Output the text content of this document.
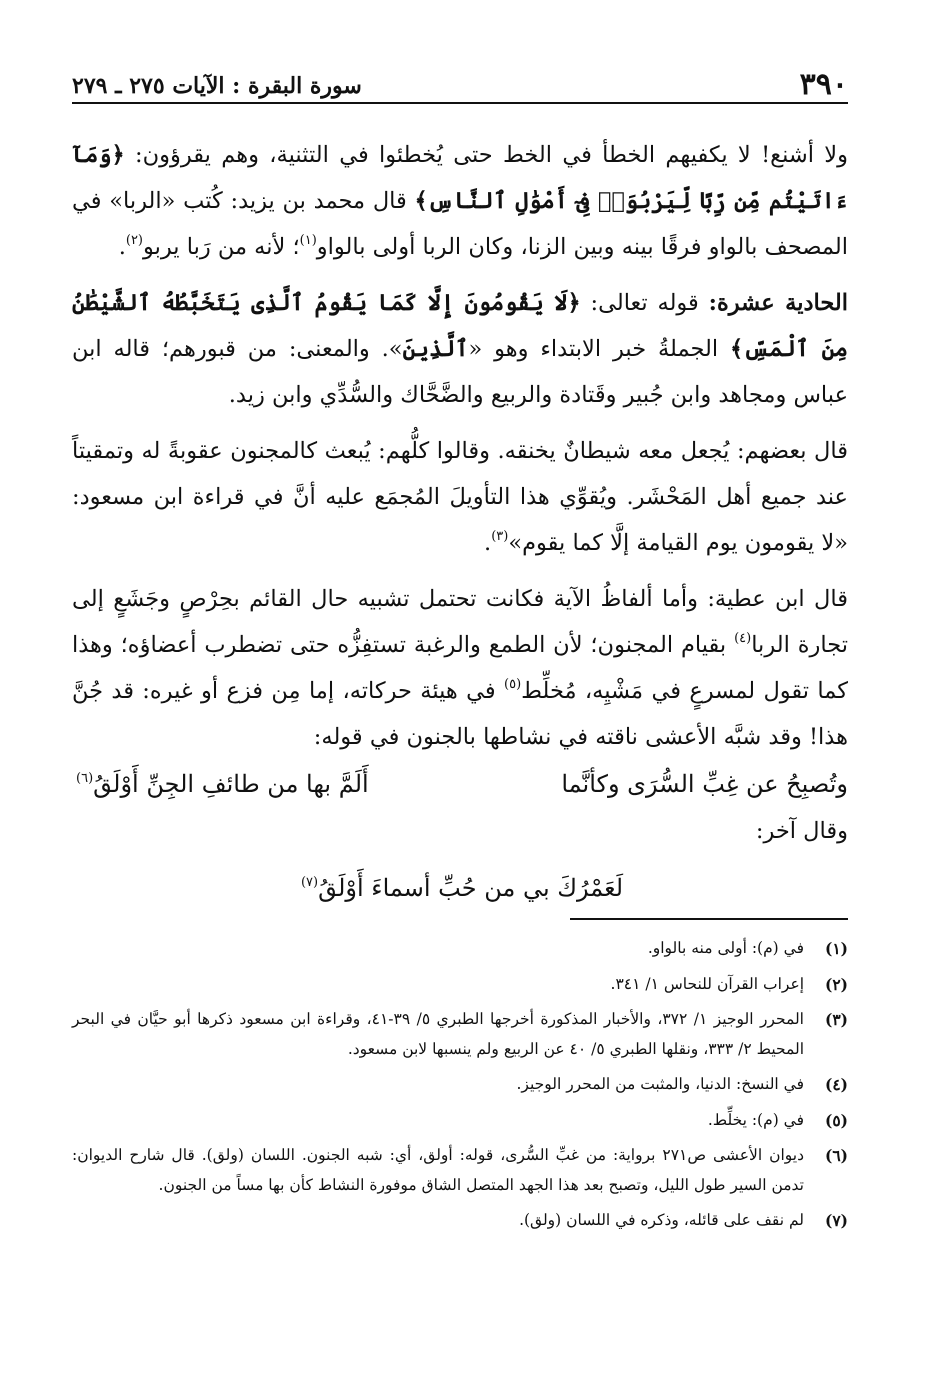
٣٩٠
سورة البقرة : الآيات ٢٧٥ ـ ٢٧٩

ولا أشنع! لا يكفيهم الخطأ في الخط حتى يُخطئوا في التثنية، وهم يقرؤون: ﴿وَمَآ ءَاتَيْتُم مِّن رِّبًا لِّيَرْبُوَا۟ فِىٓ أَمْوَٰلِ ٱلنَّاسِ﴾ قال محمد بن يزيد: كُتب «الربا» في المصحف بالواو فرقًا بينه وبين الزنا، وكان الربا أولى بالواو$^{(١)}$؛ لأنه من رَبا يربو$^{(٢)}$.

الحادية عشرة: قوله تعالى: ﴿لَا يَقُومُونَ إِلَّا كَمَا يَقُومُ ٱلَّذِى يَتَخَبَّطُهُ ٱلشَّيْطَٰنُ مِنَ ٱلْمَسِّ﴾ الجملةُ خبر الابتداء وهو «ٱلَّذِينَ». والمعنى: من قبورهم؛ قاله ابن عباس ومجاهد وابن جُبير وقَتادة والربيع والضَّحَّاك والسُّدِّي وابن زيد.

قال بعضهم: يُجعل معه شيطانٌ يخنقه. وقالوا كلُّهم: يُبعث كالمجنون عقوبةً له وتمقيتاً عند جميع أهل المَحْشَر. ويُقوِّي هذا التأويلَ المُجمَع عليه أنَّ في قراءة ابن مسعود: «لا يقومون يوم القيامة إلَّا كما يقوم»$^{(٣)}$.

قال ابن عطية: وأما ألفاظُ الآية فكانت تحتمل تشبيه حال القائم بحِرْصٍ وجَشَعٍ إلى تجارة الربا$^{(٤)}$ بقيام المجنون؛ لأن الطمع والرغبة تستفِزُّه حتى تضطرب أعضاؤه؛ وهذا كما تقول لمسرعٍ في مَشْيِه، مُخلِّط$^{(٥)}$ في هيئة حركاته، إما مِن فزع أو غيره: قد جُنَّ هذا! وقد شبَّه الأعشى ناقته في نشاطها بالجنون في قوله:

وتُصبِحُ عن غِبِّ السُّرَى وكأنَّما
أَلَمَّ بها من طائفِ الجِنِّ أَوْلَقُ$^{(٦)}$

وقال آخر:

لَعَمْرُكَ بي من حُبِّ أسماءَ أَوْلَقُ$^{(٧)}$
(١)
في (م): أولى منه بالواو.
(٢)
إعراب القرآن للنحاس ١/ ٣٤١.
(٣)
المحرر الوجيز ١/ ٣٧٢، والأخبار المذكورة أخرجها الطبري ٥/ ٣٩-٤١، وقراءة ابن مسعود ذكرها أبو حيَّان في البحر المحيط ٢/ ٣٣٣، ونقلها الطبري ٥/ ٤٠ عن الربيع ولم ينسبها لابن مسعود.
(٤)
في النسخ: الدنيا، والمثبت من المحرر الوجيز.
(٥)
في (م): يخلِّط.
(٦)
ديوان الأعشى ص٢٧١ برواية: من غبِّ السُّرى، قوله: أولق، أي: شبه الجنون. اللسان (ولق). قال شارح الديوان: تدمن السير طول الليل، وتصبح بعد هذا الجهد المتصل الشاق موفورة النشاط كأن بها مساً من الجنون.
(٧)
لم نقف على قائله، وذكره في اللسان (ولق).
